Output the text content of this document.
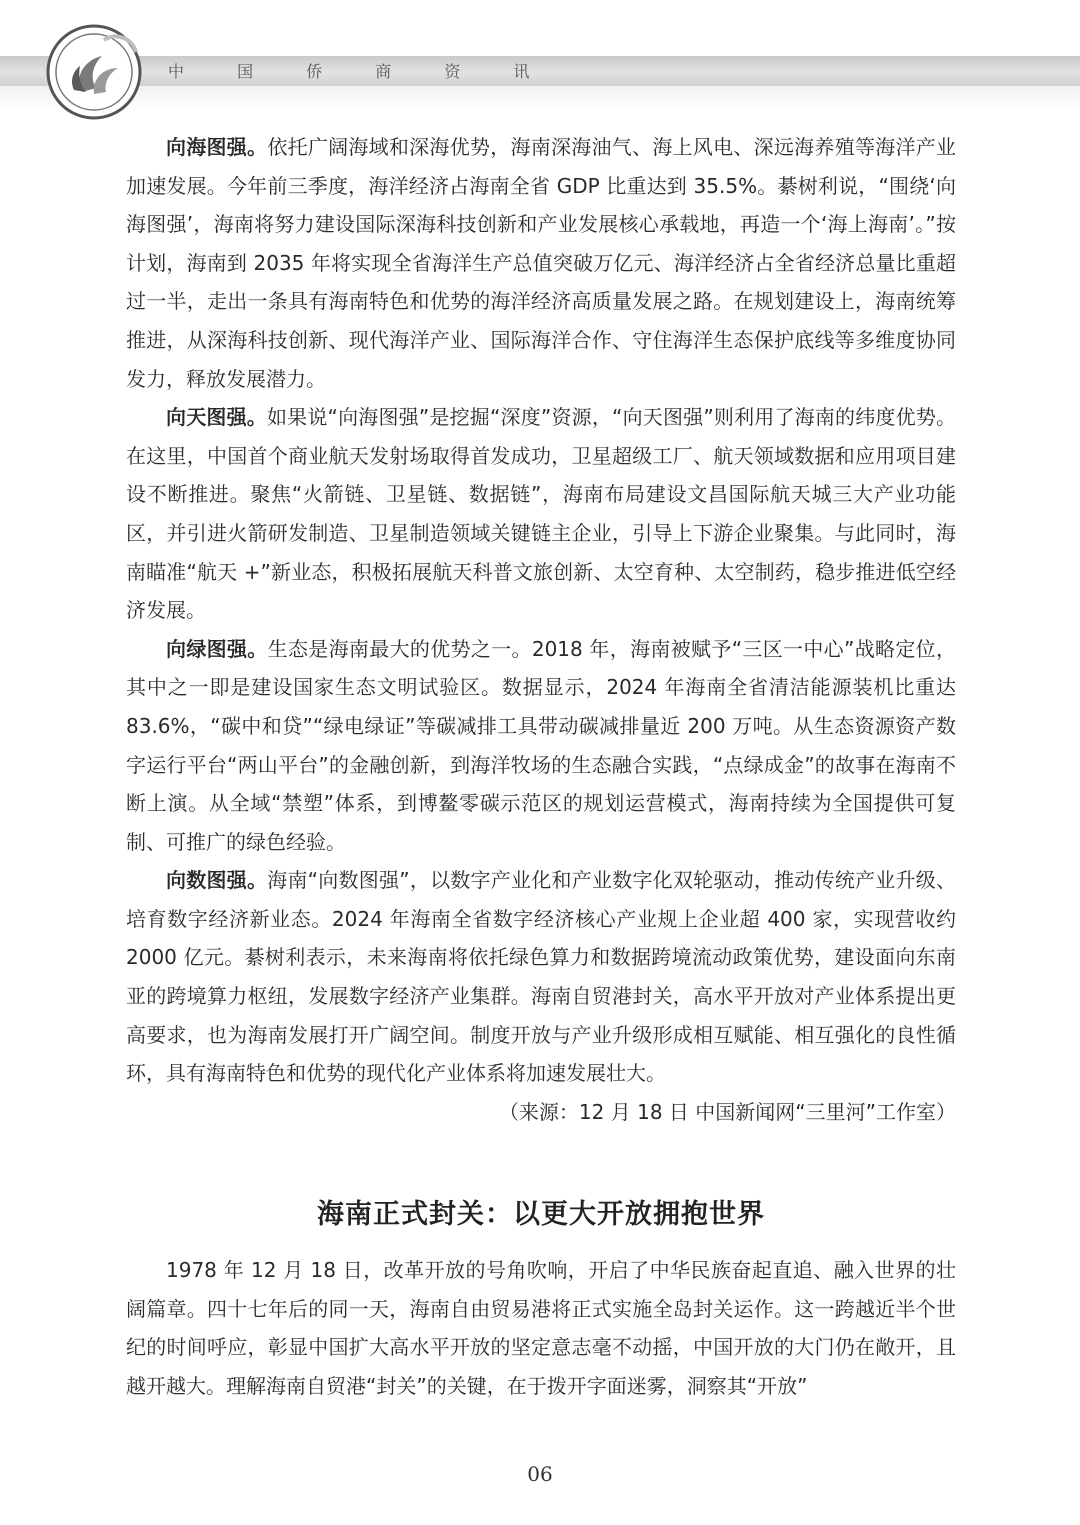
中 国 侨 商 资 讯

向海图强。依托广阔海域和深海优势，海南深海油气、海上风电、深远海养殖等海洋产业加速发展。今年前三季度，海洋经济占海南全省 GDP 比重达到 35.5%。綦树利说，“围绕‘向海图强’，海南将努力建设国际深海科技创新和产业发展核心承载地，再造一个‘海上海南’。”按计划，海南到 2035 年将实现全省海洋生产总值突破万亿元、海洋经济占全省经济总量比重超过一半，走出一条具有海南特色和优势的海洋经济高质量发展之路。在规划建设上，海南统筹推进，从深海科技创新、现代海洋产业、国际海洋合作、守住海洋生态保护底线等多维度协同发力，释放发展潜力。

向天图强。如果说“向海图强”是挖掘“深度”资源，“向天图强”则利用了海南的纬度优势。在这里，中国首个商业航天发射场取得首发成功，卫星超级工厂、航天领域数据和应用项目建设不断推进。聚焦“火箭链、卫星链、数据链”，海南布局建设文昌国际航天城三大产业功能区，并引进火箭研发制造、卫星制造领域关键链主企业，引导上下游企业聚集。与此同时，海南瞄准“航天 +”新业态，积极拓展航天科普文旅创新、太空育种、太空制药，稳步推进低空经济发展。

向绿图强。生态是海南最大的优势之一。2018 年，海南被赋予“三区一中心”战略定位，其中之一即是建设国家生态文明试验区。数据显示，2024 年海南全省清洁能源装机比重达 83.6%，“碳中和贷”“绿电绿证”等碳减排工具带动碳减排量近 200 万吨。从生态资源资产数字运行平台“两山平台”的金融创新，到海洋牧场的生态融合实践，“点绿成金”的故事在海南不断上演。从全域“禁塑”体系，到博鳌零碳示范区的规划运营模式，海南持续为全国提供可复制、可推广的绿色经验。

向数图强。海南“向数图强”，以数字产业化和产业数字化双轮驱动，推动传统产业升级、培育数字经济新业态。2024 年海南全省数字经济核心产业规上企业超 400 家，实现营收约 2000 亿元。綦树利表示，未来海南将依托绿色算力和数据跨境流动政策优势，建设面向东南亚的跨境算力枢纽，发展数字经济产业集群。海南自贸港封关，高水平开放对产业体系提出更高要求，也为海南发展打开广阔空间。制度开放与产业升级形成相互赋能、相互强化的良性循环，具有海南特色和优势的现代化产业体系将加速发展壮大。

（来源：12 月 18 日 中国新闻网“三里河”工作室）

海南正式封关：以更大开放拥抱世界

1978 年 12 月 18 日，改革开放的号角吹响，开启了中华民族奋起直追、融入世界的壮阔篇章。四十七年后的同一天，海南自由贸易港将正式实施全岛封关运作。这一跨越近半个世纪的时间呼应，彰显中国扩大高水平开放的坚定意志毫不动摇，中国开放的大门仍在敞开，且越开越大。理解海南自贸港“封关”的关键，在于拨开字面迷雾，洞察其“开放”

06
